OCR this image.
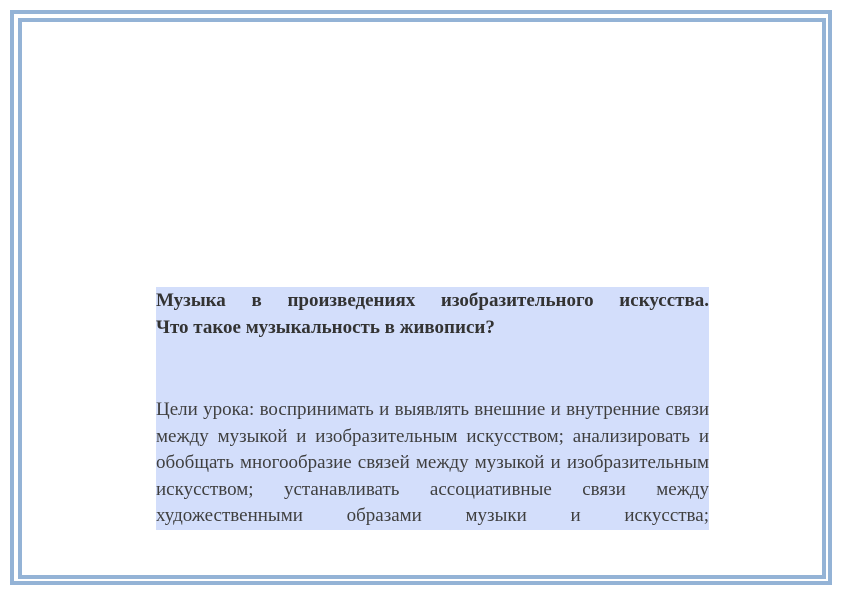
Музыка в произведениях изобразительного искусства.
Что такое музыкальность в живописи?

Цели урока: воспринимать и выявлять внешние и внутренние связи между музыкой и изобразительным искусством; анализировать и обобщать многообразие связей между музыкой и изобразительным искусством; устанавливать ассоциативные связи между художественными образами музыки и искусства;
